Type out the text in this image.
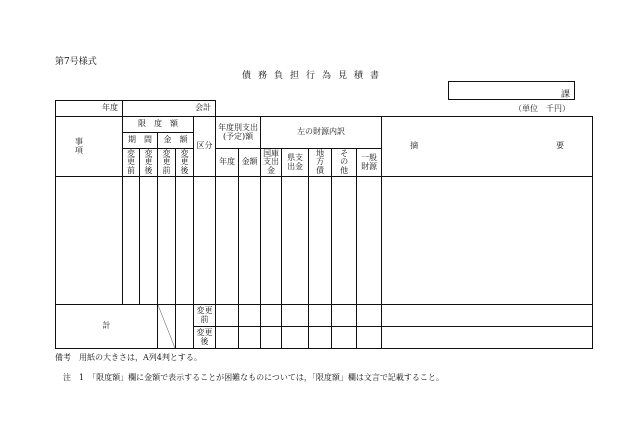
第7号様式
債務負担行為見積書
課
（単位　千円）
年度	会計												
事　項	限　度　額				区分	年度別支出(予定)額		左の財源内訳					摘 要

	期　間		金　額										
	変更前	変更後	変更前	変更後		年度	金額	国庫支出金	県支出金	地方債	その他	一般財源	

計					変更前								
					変更後								
備考　用紙の大きさは，A列4判とする。
注　1　「限度額」欄に金額で表示することが困難なものについては，「限度額」欄は文言で記載すること。
